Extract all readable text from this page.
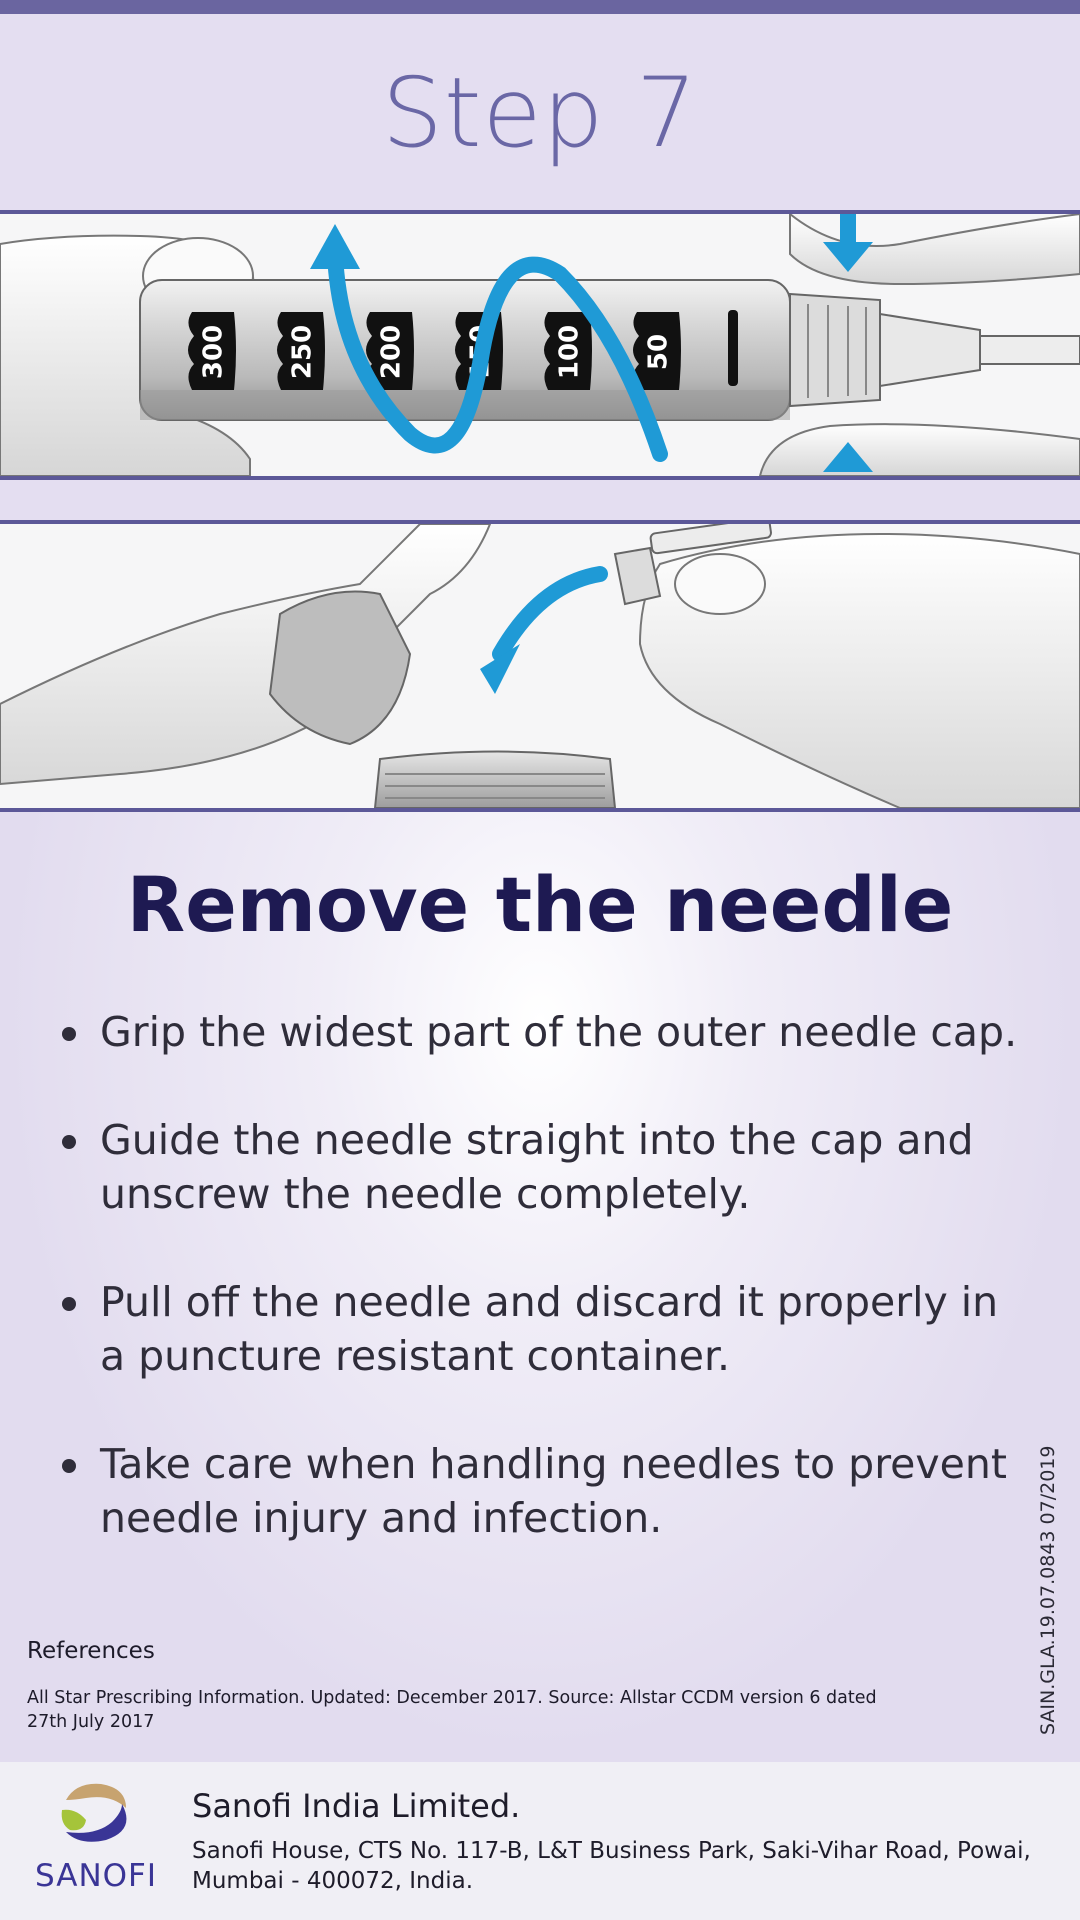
Step 7
300 250 200 150 100 50
Remove the needle
Grip the widest part of the outer needle cap.
Guide the needle straight into the cap and unscrew the needle completely.
Pull off the needle and discard it properly in a puncture resistant container.
Take care when handling needles to prevent needle injury and infection.
References
All Star Prescribing Information. Updated: December 2017. Source: Allstar CCDM version 6 dated 27th July 2017	SAIN.GLA.19.07.0843 07/2019
SANOFI
Sanofi India Limited.
Sanofi House, CTS No. 117-B, L&T Business Park, Saki-Vihar Road, Powai, Mumbai - 400072, India.
